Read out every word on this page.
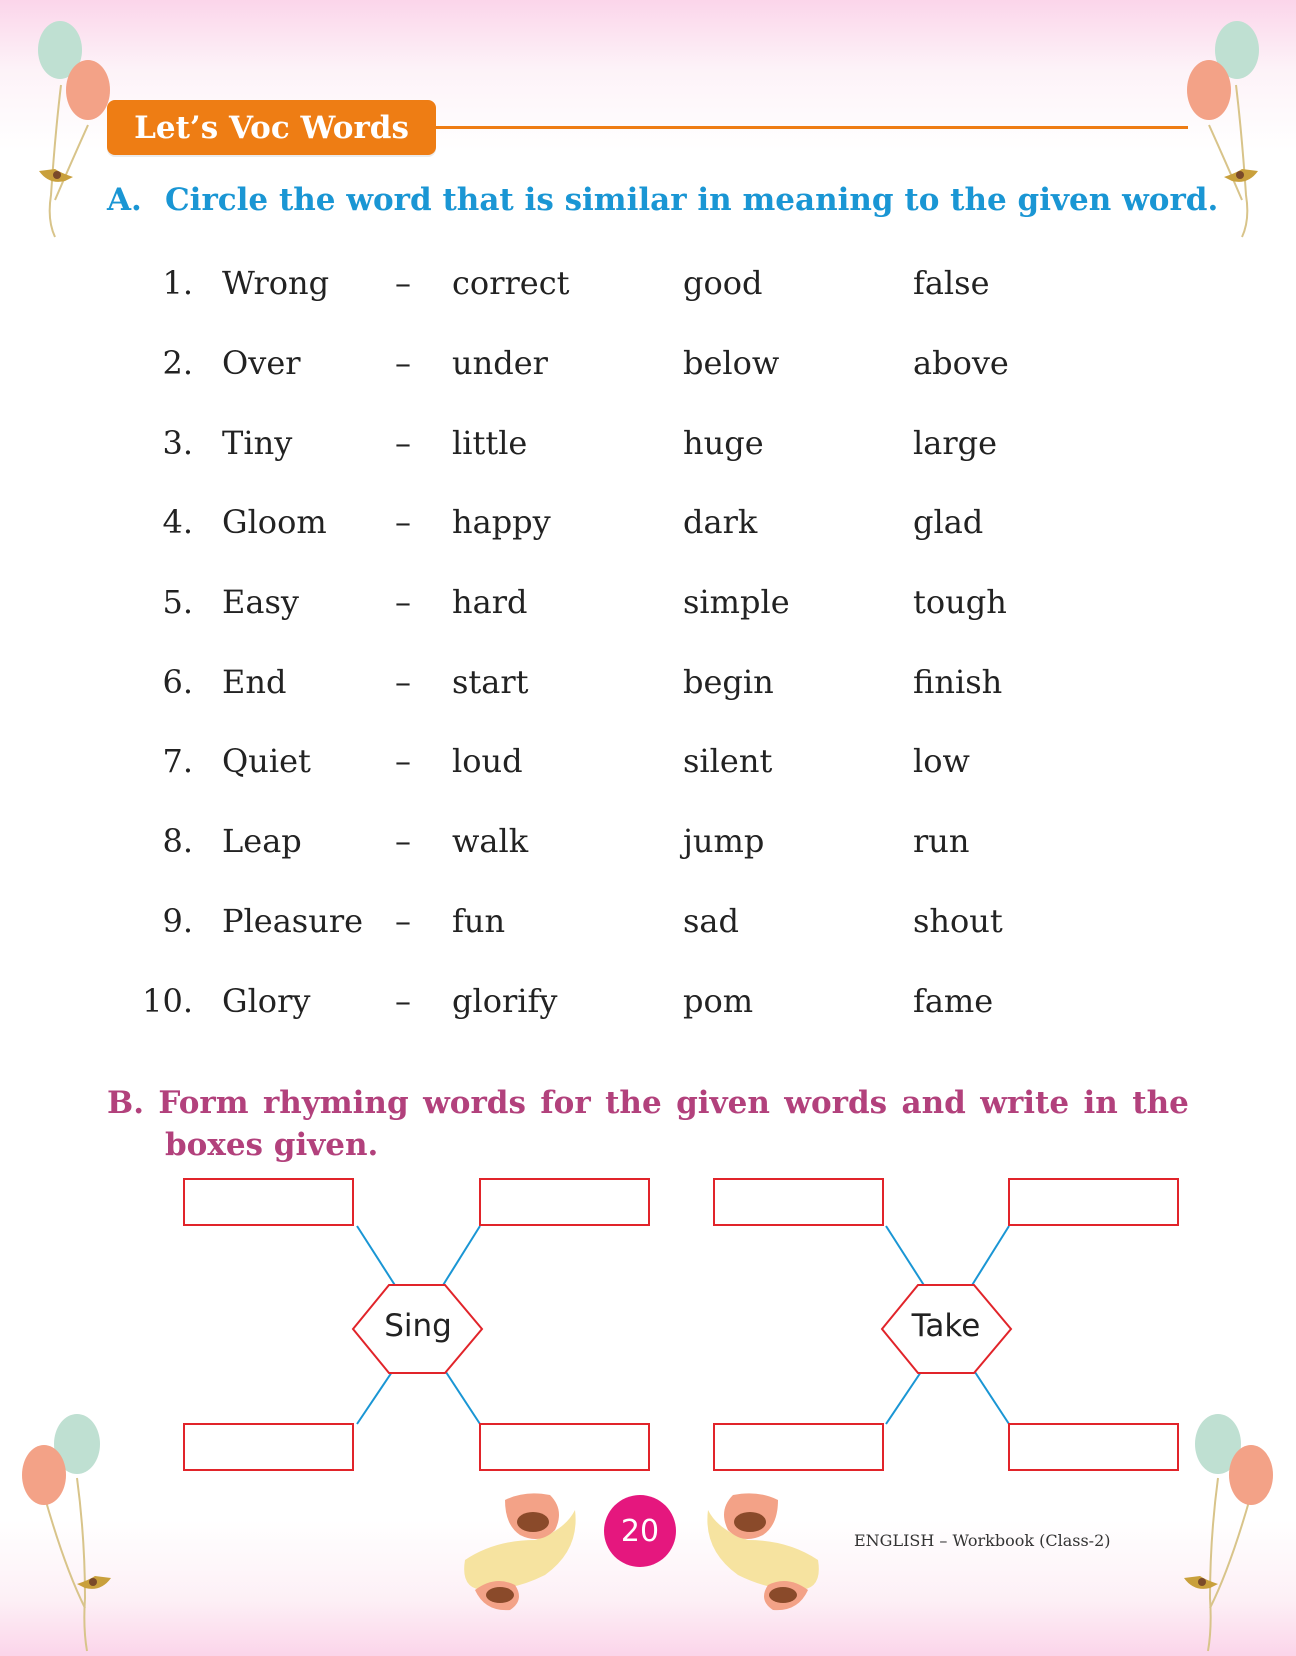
Let’s Voc Words
A. Circle the word that is similar in meaning to the given word.
1. Wrong – correct	good	false
2. Over	– under	below	above
3. Tiny	– little	huge	large
4. Gloom – happy	dark	glad
5. Easy	– hard	simple	tough
6. End	– start	begin	finish
7. Quiet	– loud	silent	low
8. Leap	– walk	jump	run
9. Pleasure – fun	sad	shout
10. Glory	– glorify	pom	fame
B. Form rhyming words for the given words and write in the
boxes given.
Sing	Take
20	ENGLISH – Workbook (Class-2)
